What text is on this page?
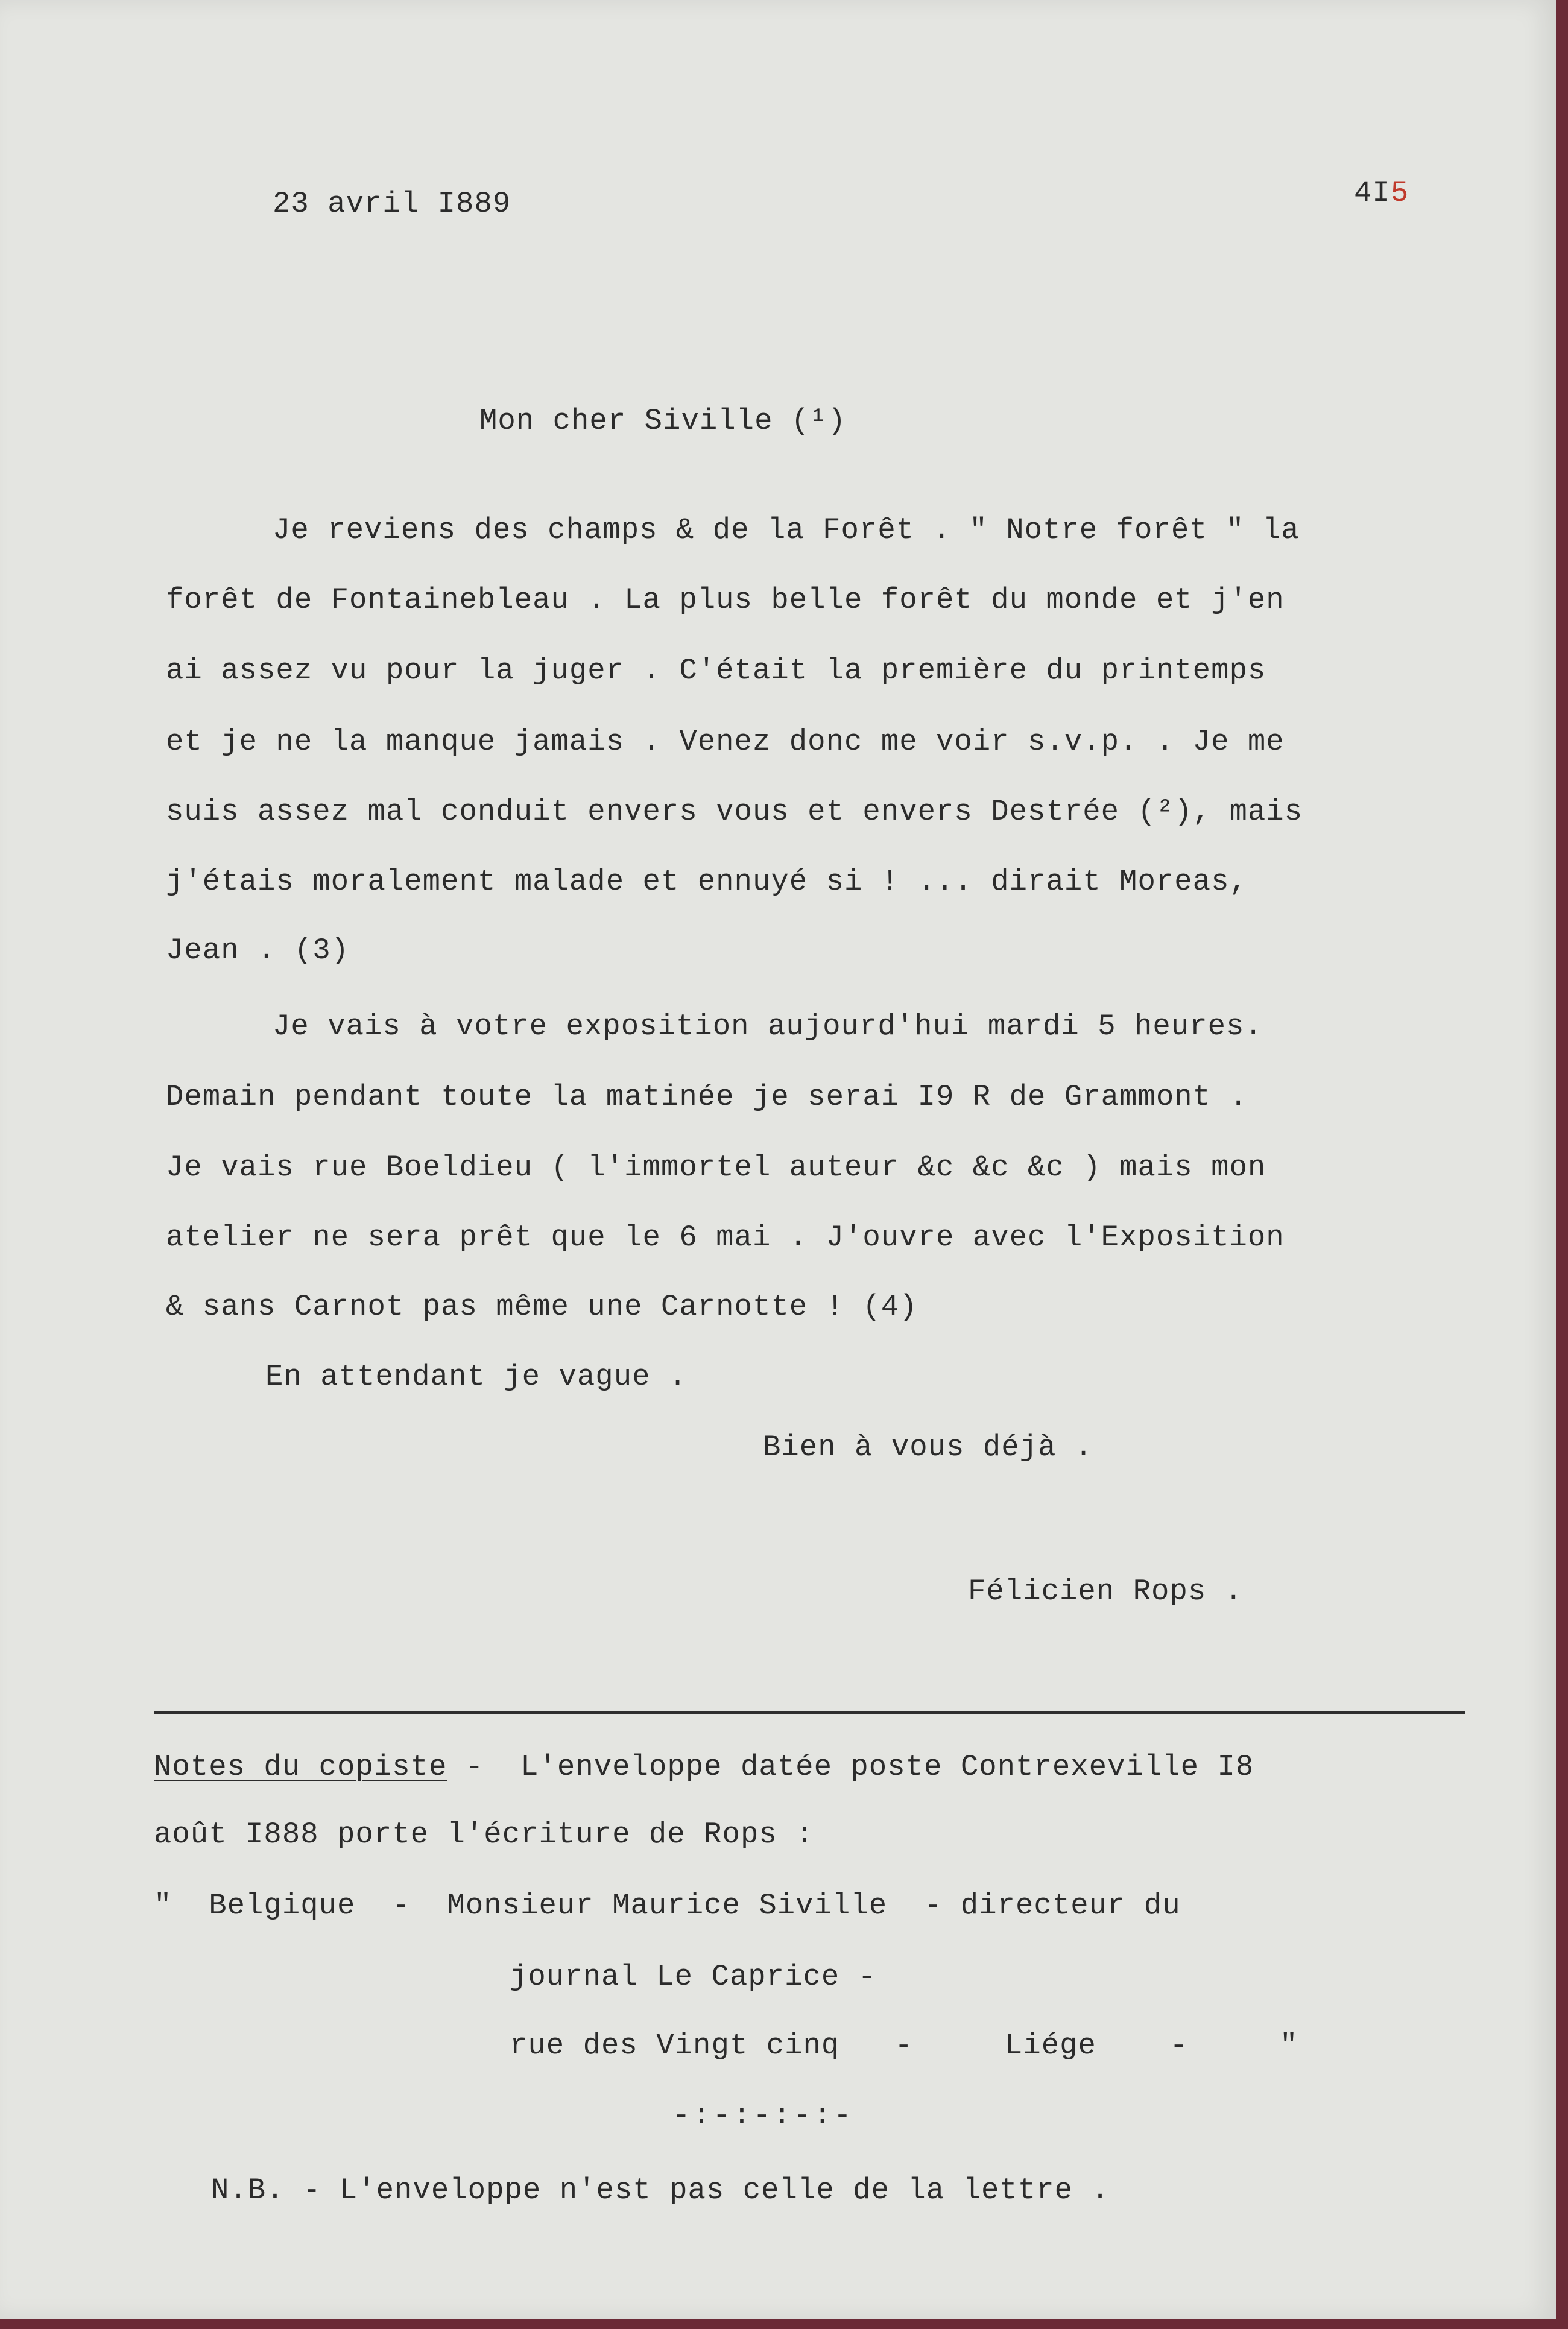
23 avril I889	4I5

Mon cher Siville (¹)

Je reviens des champs & de la Forêt . " Notre forêt " la

forêt de Fontainebleau . La plus belle forêt du monde et j'en

ai assez vu pour la juger . C'était la première du printemps

et je ne la manque jamais . Venez donc me voir s.v.p. . Je me

suis assez mal conduit envers vous et envers Destrée (²), mais

j'étais moralement malade et ennuyé si ! ... dirait Moreas,

Jean . (3)

Je vais à votre exposition aujourd'hui mardi 5 heures.

Demain pendant toute la matinée je serai I9 R de Grammont .

Je vais rue Boeldieu ( l'immortel auteur &c &c &c ) mais mon

atelier ne sera prêt que le 6 mai . J'ouvre avec l'Exposition

& sans Carnot pas même une Carnotte ! (4)

En attendant je vague .

Bien à vous déjà .

Félicien Rops .

Notes du copiste - L'enveloppe datée poste Contrexeville I8

août I888 porte l'écriture de Rops :

"  Belgique  -  Monsieur Maurice Siville  - directeur du

journal Le Caprice -

rue des Vingt cinq   -     Liége    -     "

-:-:-:-:-

N.B. - L'enveloppe n'est pas celle de la lettre .
